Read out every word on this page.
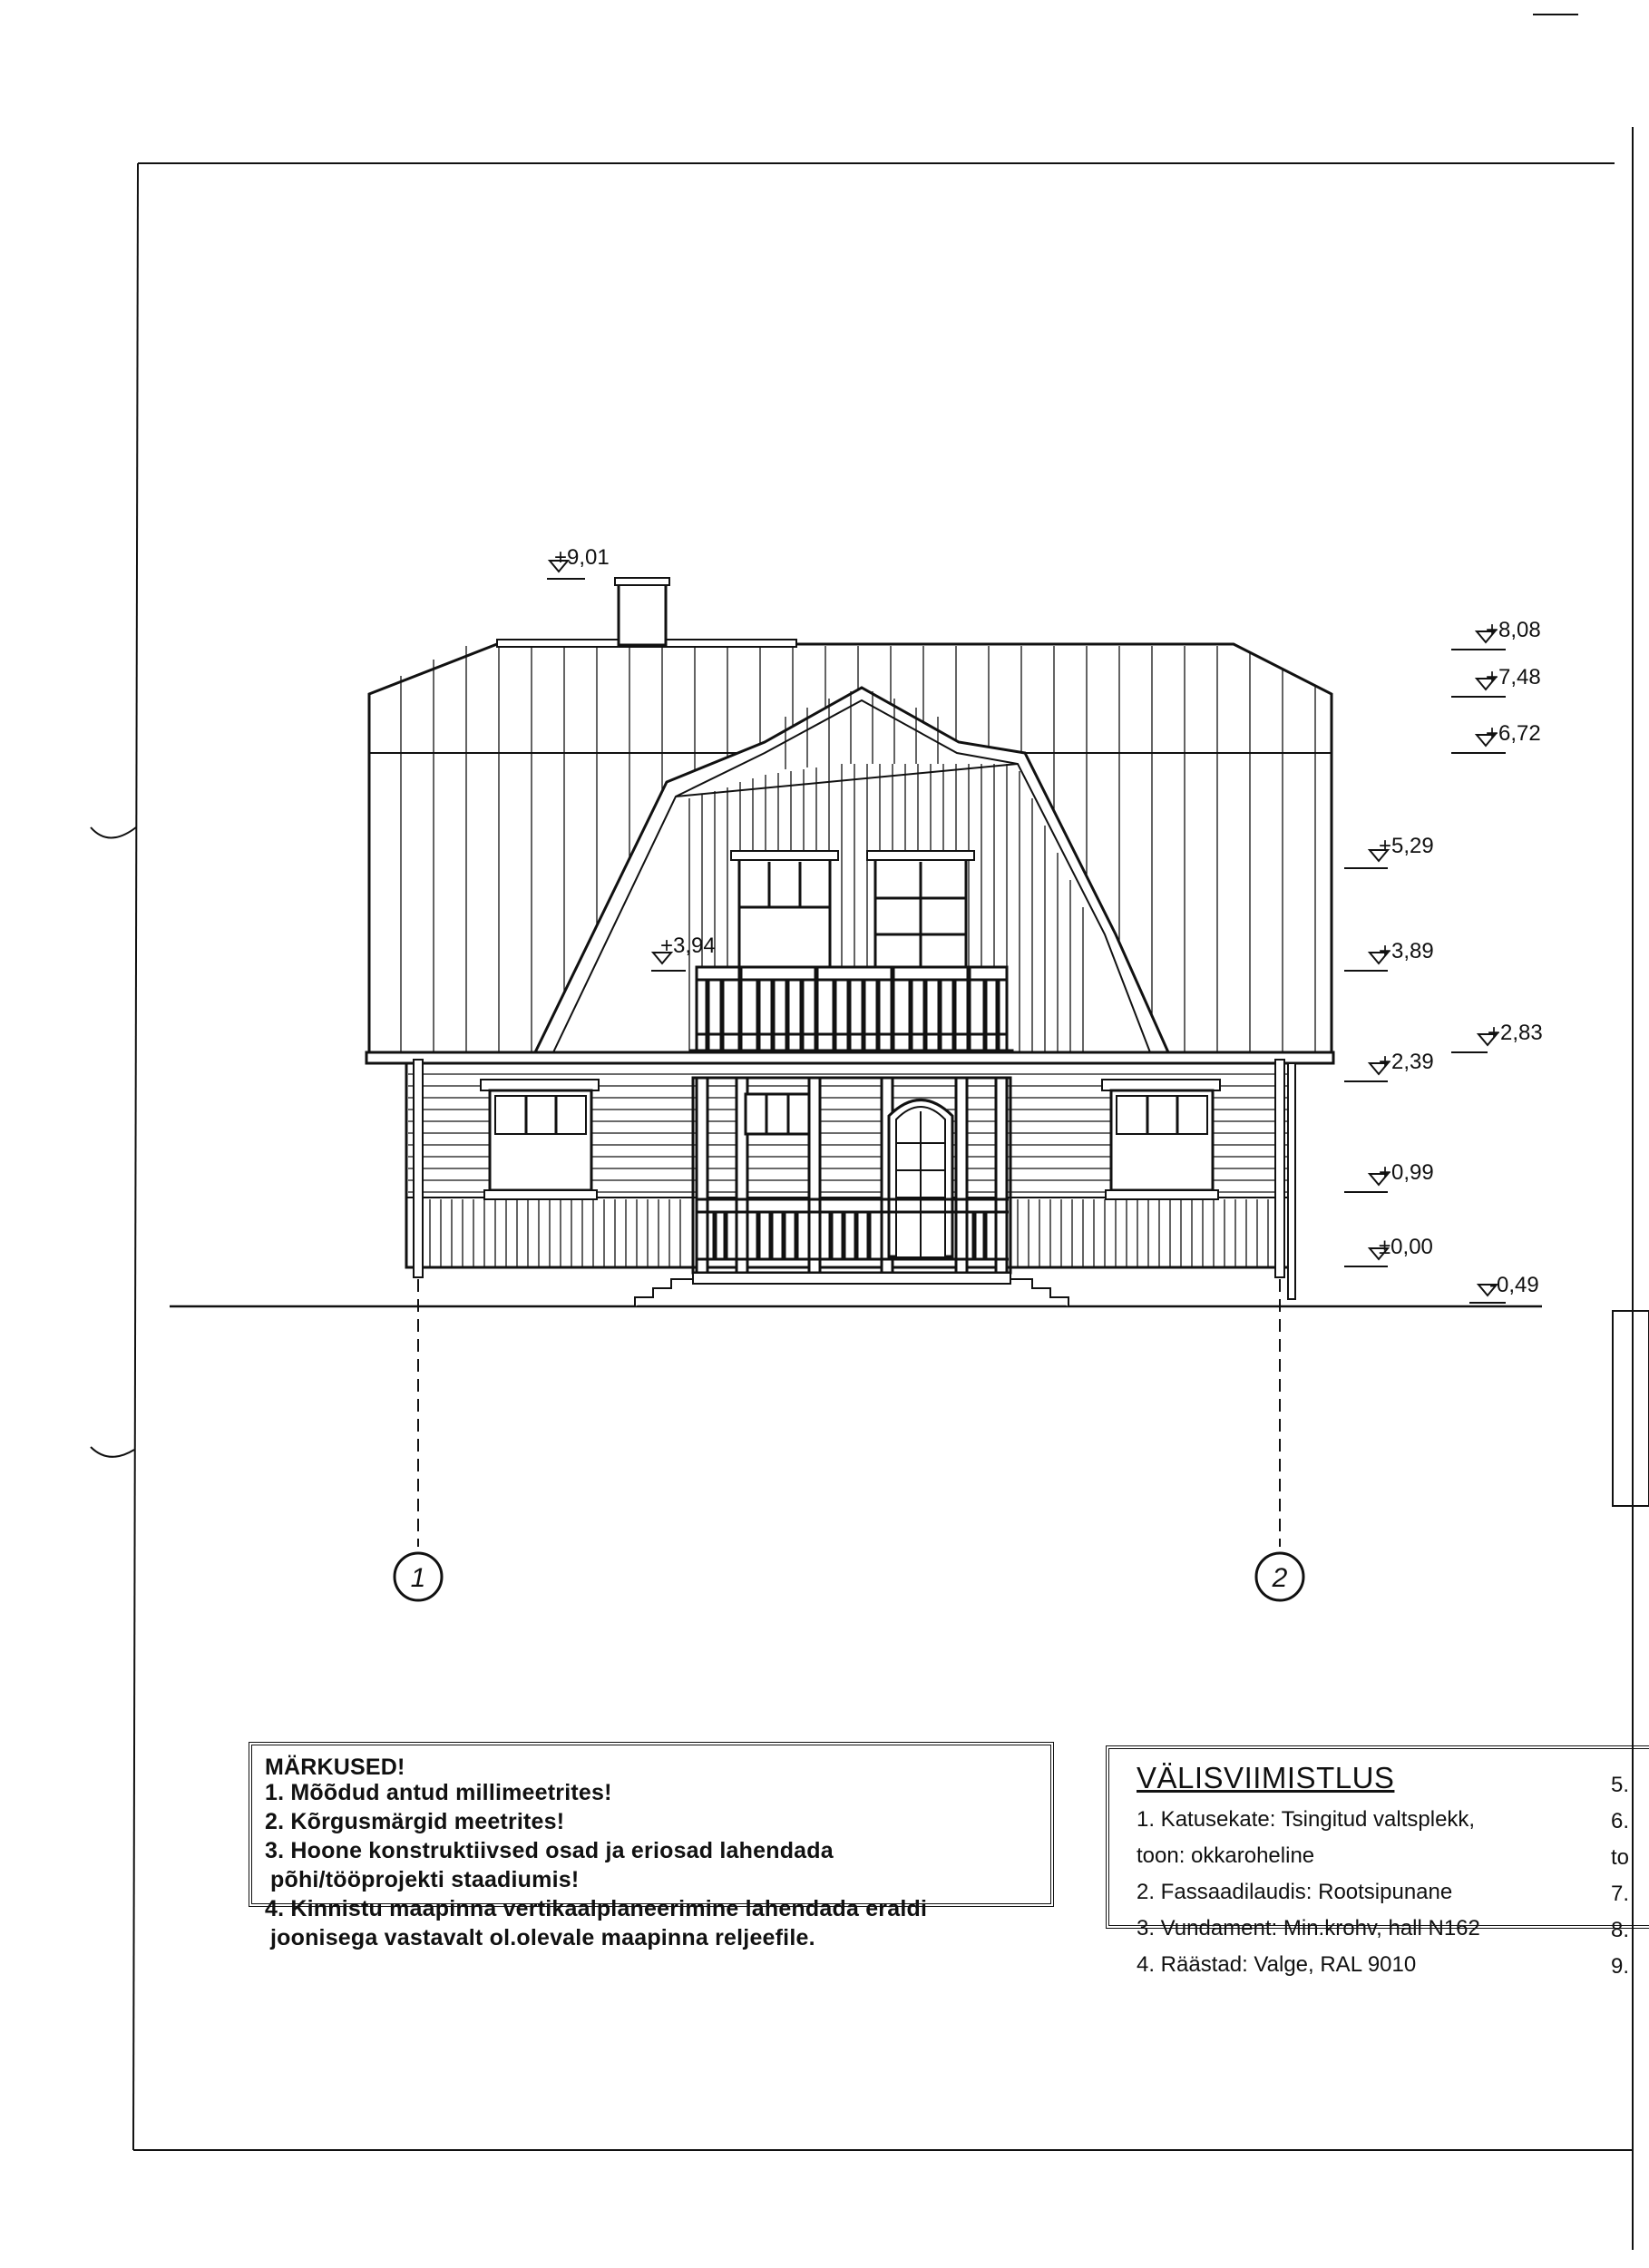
1	2
+9,01
+8,08
+7,48
+6,72
+5,29
+3,94	+3,89
+2,83
+2,39
+0,99
±0,00
-0,49

MÄRKUSED!

1. Mõõdud antud millimeetrites!

2. Kõrgusmärgid meetrites!

3. Hoone konstruktiivsed osad ja eriosad lahendada

põhi/tööprojekti staadiumis!

4. Kinnistu maapinna vertikaalplaneerimine lahendada eraldi

joonisega vastavalt ol.olevale maapinna reljeefile.

VÄLISVIIMISTLUS

1. Katusekate: Tsingitud valtsplekk,

toon: okkaroheline

2. Fassaadilaudis: Rootsipunane

3. Vundament: Min.krohv, hall N162

4. Räästad: Valge, RAL 9010

5.

6.

to

7.

8.

9.
